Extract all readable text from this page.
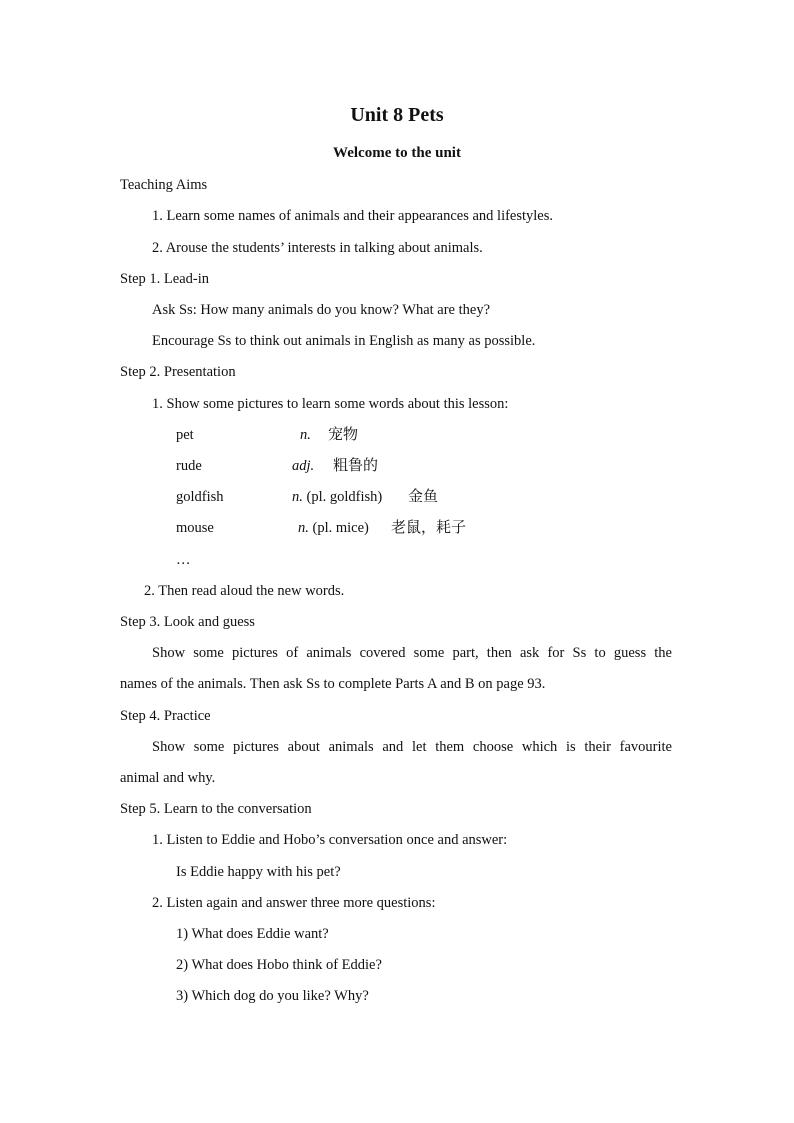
Unit 8 Pets
Welcome to the unit
Teaching Aims
1. Learn some names of animals and their appearances and lifestyles.
2. Arouse the students’ interests in talking about animals.
Step 1. Lead-in
Ask Ss: How many animals do you know? What are they?
Encourage Ss to think out animals in English as many as possible.
Step 2. Presentation
1. Show some pictures to learn some words about this lesson:
pet	n. 宠物
rude	adj. 粗鲁的
goldfish	n. (pl. goldfish) 金鱼
mouse	n. (pl. mice) 老鼠，耗子
…
2. Then read aloud the new words.
Step 3. Look and guess
Show some pictures of animals covered some part, then ask for Ss to guess the
names of the animals. Then ask Ss to complete Parts A and B on page 93.
Step 4. Practice
Show some pictures about animals and let them choose which is their favourite
animal and why.
Step 5. Learn to the conversation
1. Listen to Eddie and Hobo’s conversation once and answer:
Is Eddie happy with his pet?
2. Listen again and answer three more questions:
1) What does Eddie want?
2) What does Hobo think of Eddie?
3) Which dog do you like? Why?
